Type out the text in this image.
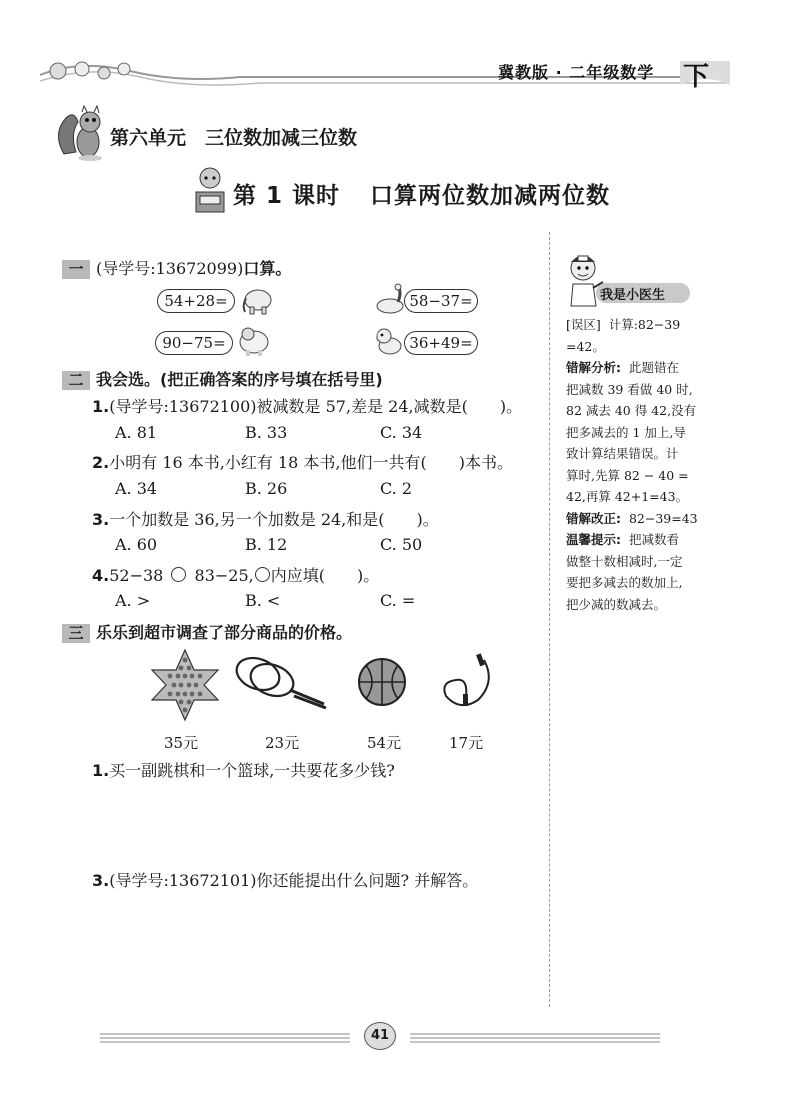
冀教版 · 二年级数学 下
第六单元　三位数加减三位数
第 1 课时 口算两位数加减两位数
一 (导学号:13672099)口算。
54+28=	58−37=
90−75=	36+49=
二 我会选。(把正确答案的序号填在括号里)
1.(导学号:13672100)被减数是 57,差是 24,减数是(　　)。
A. 81	B. 33	C. 34
2.小明有 16 本书,小红有 18 本书,他们一共有(　　)本书。
A. 34	B. 26	C. 2
3.一个加数是 36,另一个加数是 24,和是(　　)。
A. 60	B. 12	C. 50
4.52−38 83−25, 内应填(　　)。
A. >	B. <	C. =
三 乐乐到超市调查了部分商品的价格。
35元	23元	54元	17元
1.买一副跳棋和一个篮球,一共要花多少钱?
3.(导学号:13672101)你还能提出什么问题? 并解答。
我是小医生
[误区] 计算:82−39
=42。
错解分析: 此题错在
把减数 39 看做 40 时,
82 减去 40 得 42,没有
把多减去的 1 加上,导
致计算结果错误。计
算时,先算 82 − 40 =
42,再算 42+1=43。
错解改正: 82−39=43
温馨提示: 把减数看
做整十数相减时,一定
要把多减去的数加上,
把少减的数减去。
41
